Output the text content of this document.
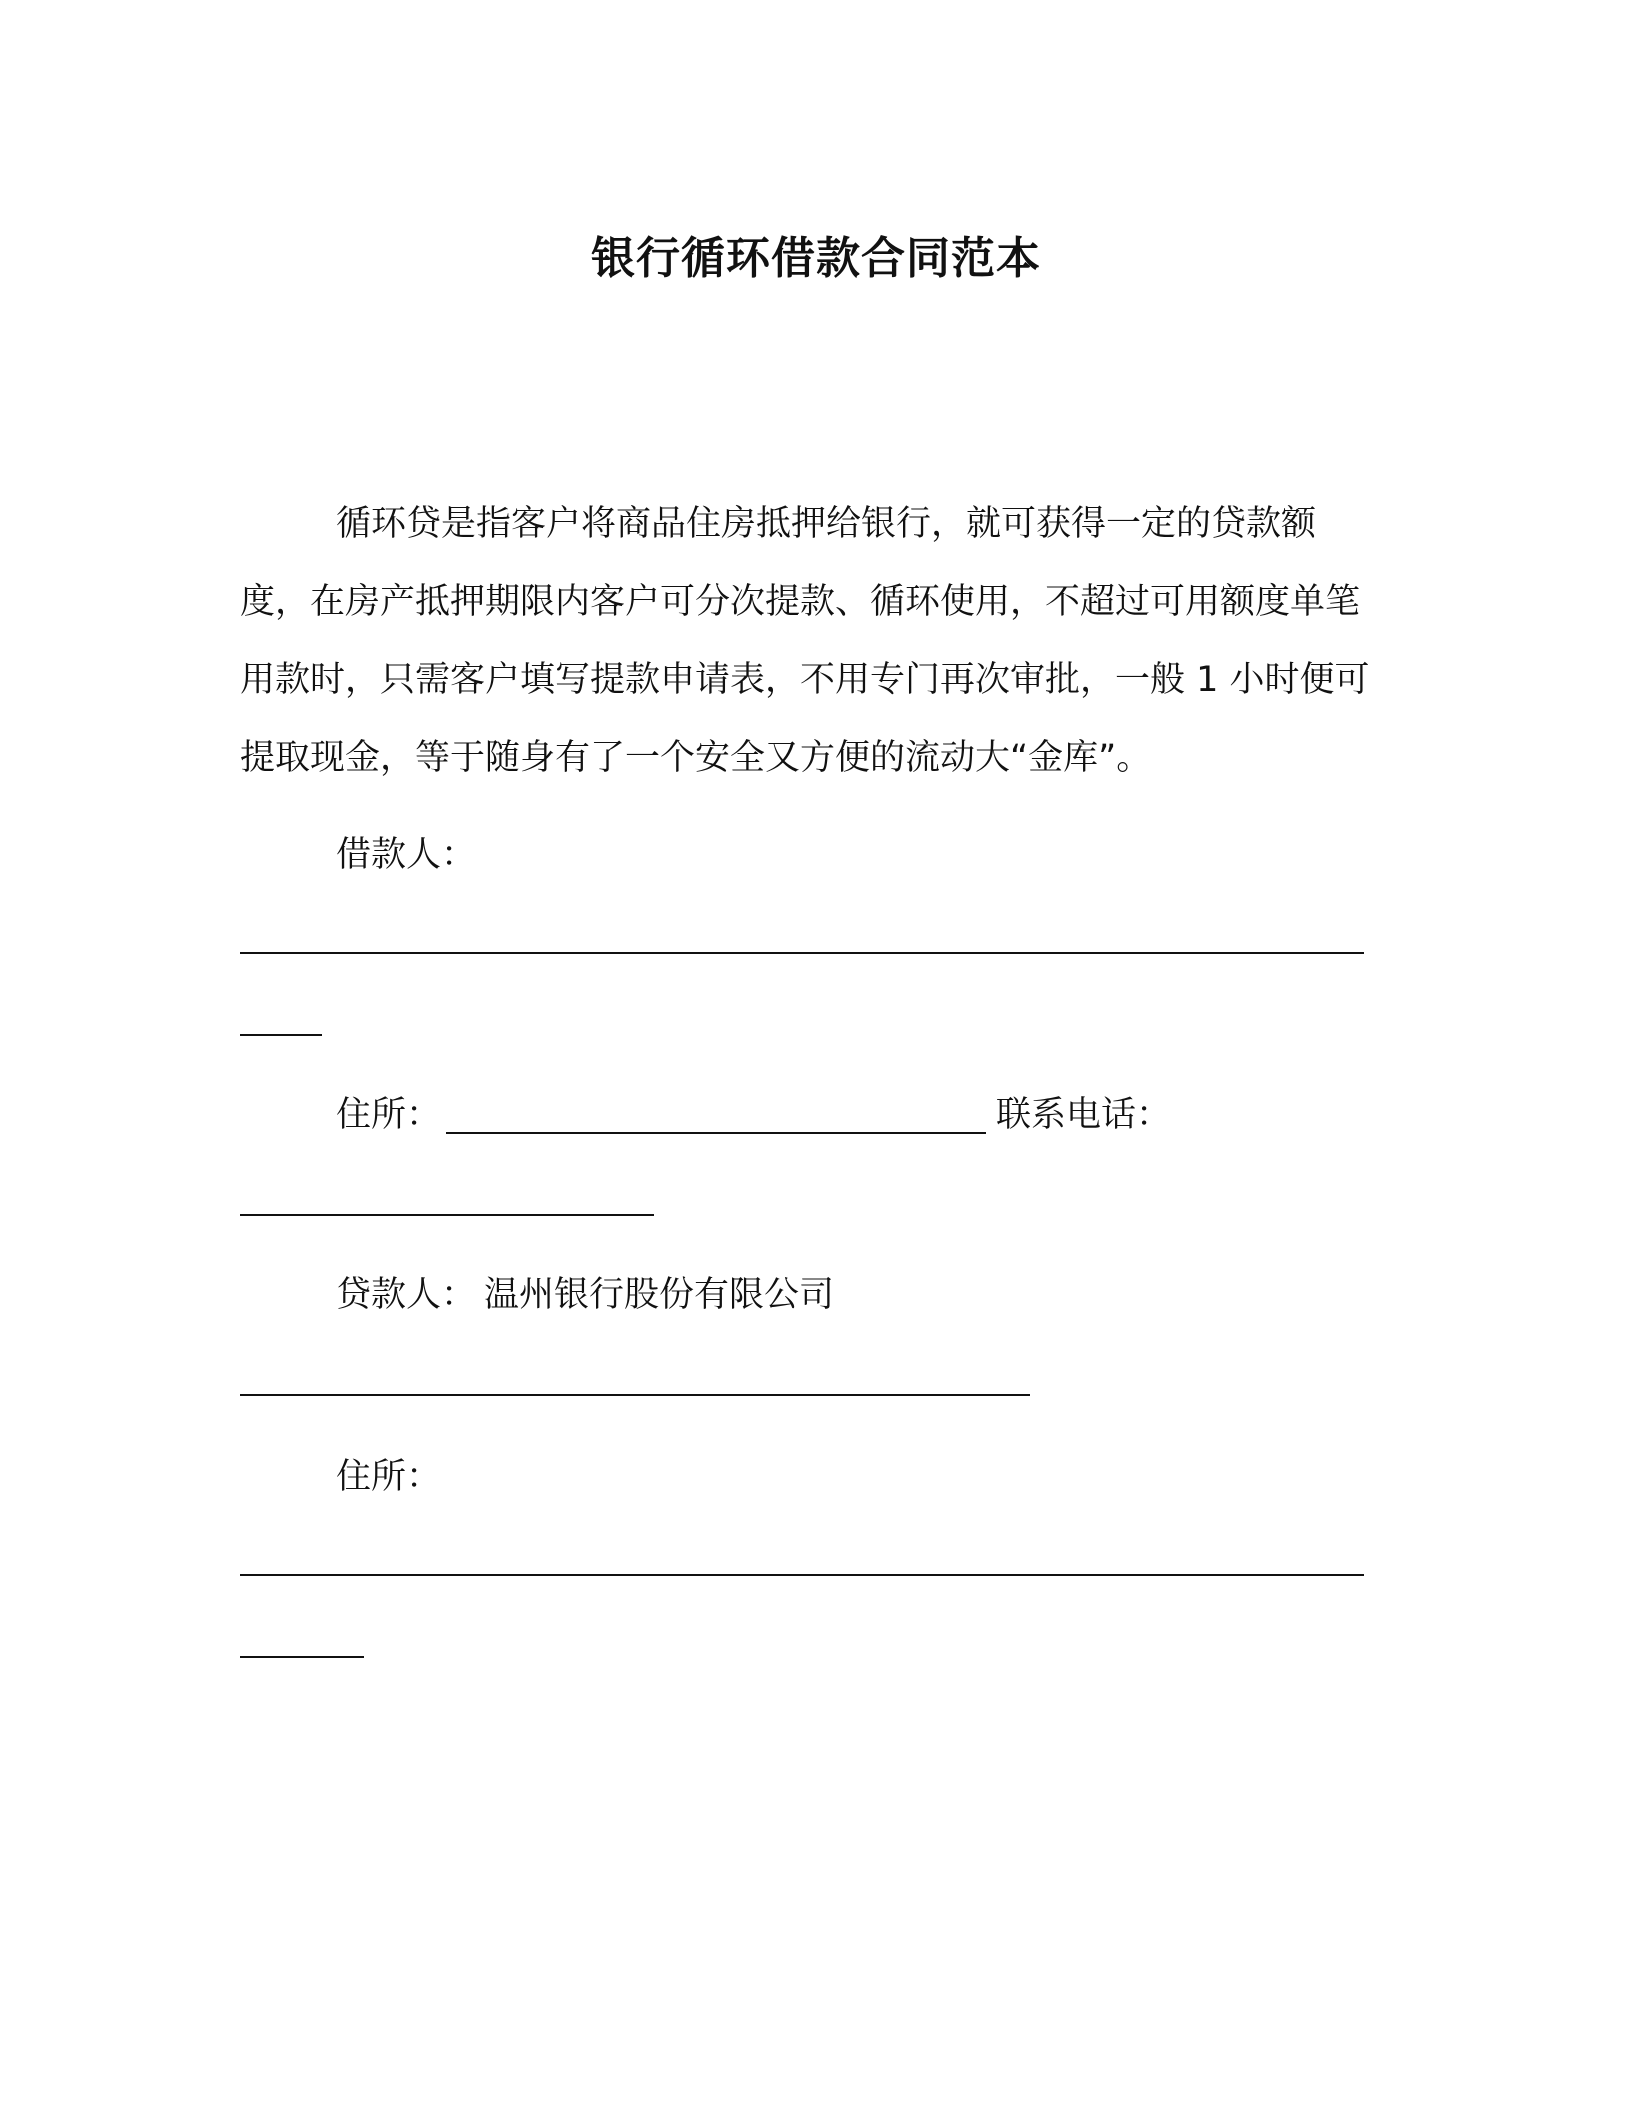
银行循环借款合同范本

循环贷是指客户将商品住房抵押给银行，就可获得一定的贷款额度，在房产抵押期限内客户可分次提款、循环使用，不超过可用额度单笔用款时，只需客户填写提款申请表，不用专门再次审批，一般 1 小时便可提取现金，等于随身有了一个安全又方便的流动大“金库”。

借款人：
住所：	联系电话：
贷款人： 温州银行股份有限公司
住所：
